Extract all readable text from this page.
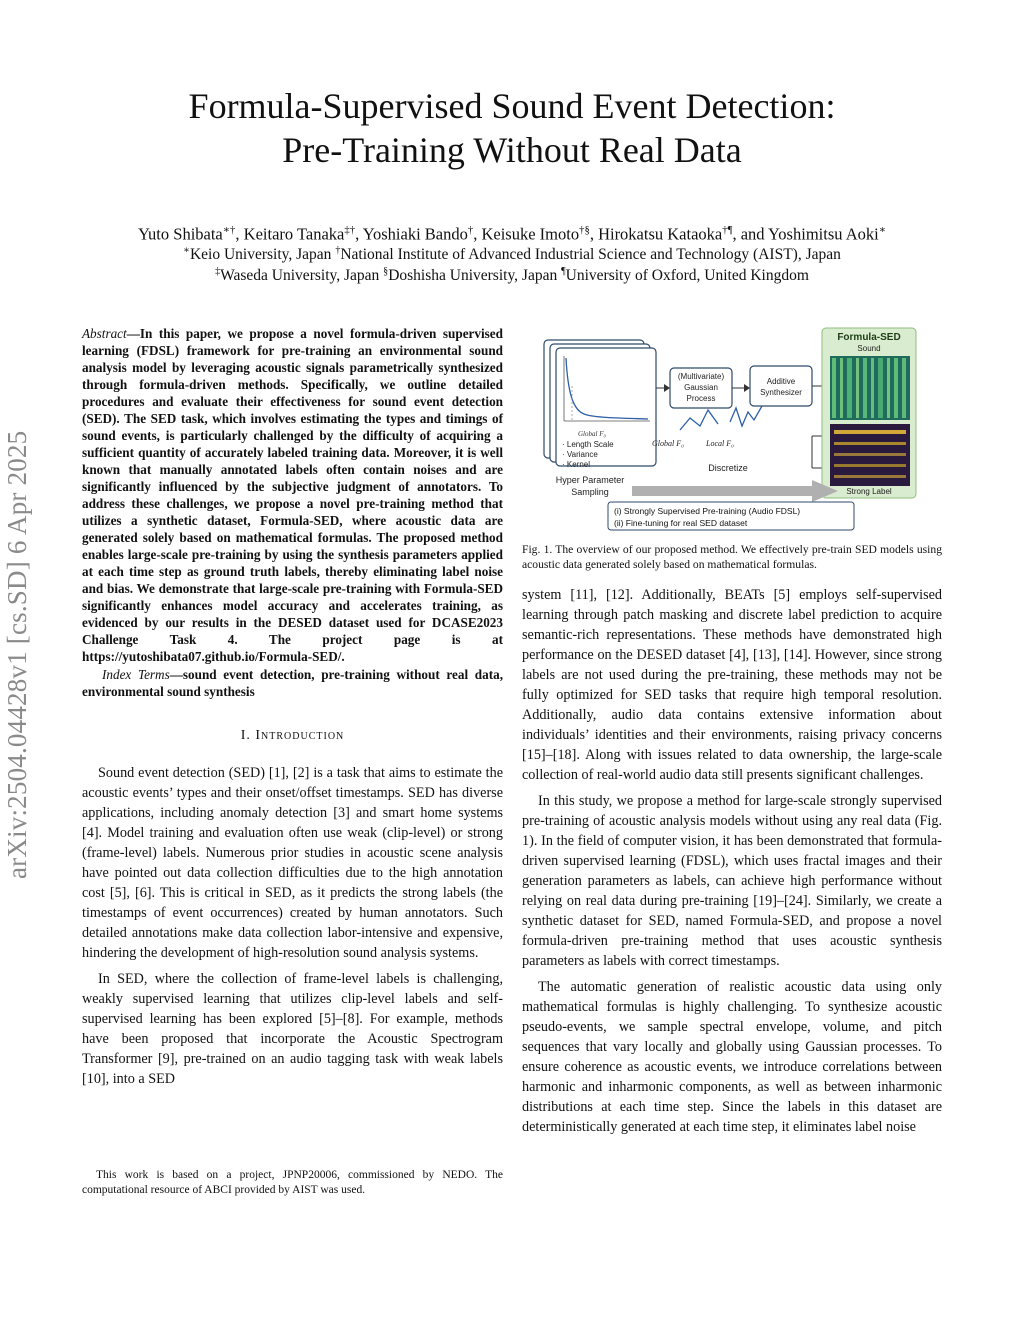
arXiv:2504.04428v1 [cs.SD] 6 Apr 2025
Formula-Supervised Sound Event Detection:
Pre-Training Without Real Data
Yuto Shibata∗†, Keitaro Tanaka‡†, Yoshiaki Bando†, Keisuke Imoto†§, Hirokatsu Kataoka†¶, and Yoshimitsu Aoki∗
∗Keio University, Japan †National Institute of Advanced Industrial Science and Technology (AIST), Japan
‡Waseda University, Japan §Doshisha University, Japan ¶University of Oxford, United Kingdom
Abstract—In this paper, we propose a novel formula-driven supervised learning (FDSL) framework for pre-training an environmental sound analysis model by leveraging acoustic signals parametrically synthesized through formula-driven methods. Specifically, we outline detailed procedures and evaluate their effectiveness for sound event detection (SED). The SED task, which involves estimating the types and timings of sound events, is particularly challenged by the difficulty of acquiring a sufficient quantity of accurately labeled training data. Moreover, it is well known that manually annotated labels often contain noises and are significantly influenced by the subjective judgment of annotators. To address these challenges, we propose a novel pre-training method that utilizes a synthetic dataset, Formula-SED, where acoustic data are generated solely based on mathematical formulas. The proposed method enables large-scale pre-training by using the synthesis parameters applied at each time step as ground truth labels, thereby eliminating label noise and bias. We demonstrate that large-scale pre-training with Formula-SED significantly enhances model accuracy and accelerates training, as evidenced by our results in the DESED dataset used for DCASE2023 Challenge Task 4. The project page is at https://yutoshibata07.github.io/Formula-SED/.
Index Terms—sound event detection, pre-training without real data, environmental sound synthesis
I. Introduction

Sound event detection (SED) [1], [2] is a task that aims to estimate the acoustic events’ types and their onset/offset timestamps. SED has diverse applications, including anomaly detection [3] and smart home systems [4]. Model training and evaluation often use weak (clip-level) or strong (frame-level) labels. Numerous prior studies in acoustic scene analysis have pointed out data collection difficulties due to the high annotation cost [5], [6]. This is critical in SED, as it predicts the strong labels (the timestamps of event occurrences) created by human annotators. Such detailed annotations make data collection labor-intensive and expensive, hindering the development of high-resolution sound analysis systems.

In SED, where the collection of frame-level labels is challenging, weakly supervised learning that utilizes clip-level labels and self-supervised learning has been explored [5]–[8]. For example, methods have been proposed that incorporate the Acoustic Spectrogram Transformer [9], pre-trained on an audio tagging task with weak labels [10], into a SED

This work is based on a project, JPNP20006, commissioned by NEDO. The computational resource of ABCI provided by AIST was used.
Global F₀
· Length Scale
· Variance
· Kernel
Hyper Parameter
Sampling
(Multivariate)
Gaussian
Process
Additive
Synthesizer
Global F₀	Local F₀
Discretize
Formula-SED
Sound
Strong Label
(i) Strongly Supervised Pre-training (Audio FDSL)
(ii) Fine-tuning for real SED dataset
Fig. 1. The overview of our proposed method. We effectively pre-train SED models using acoustic data generated solely based on mathematical formulas.

system [11], [12]. Additionally, BEATs [5] employs self-supervised learning through patch masking and discrete label prediction to acquire semantic-rich representations. These methods have demonstrated high performance on the DESED dataset [4], [13], [14]. However, since strong labels are not used during the pre-training, these methods may not be fully optimized for SED tasks that require high temporal resolution. Additionally, audio data contains extensive information about individuals’ identities and their environments, raising privacy concerns [15]–[18]. Along with issues related to data ownership, the large-scale collection of real-world audio data still presents significant challenges.

In this study, we propose a method for large-scale strongly supervised pre-training of acoustic analysis models without using any real data (Fig. 1). In the field of computer vision, it has been demonstrated that formula-driven supervised learning (FDSL), which uses fractal images and their generation parameters as labels, can achieve high performance without relying on real data during pre-training [19]–[24]. Similarly, we create a synthetic dataset for SED, named Formula-SED, and propose a novel formula-driven pre-training method that uses acoustic synthesis parameters as labels with correct timestamps.

The automatic generation of realistic acoustic data using only mathematical formulas is highly challenging. To synthesize acoustic pseudo-events, we sample spectral envelope, volume, and pitch sequences that vary locally and globally using Gaussian processes. To ensure coherence as acoustic events, we introduce correlations between harmonic and inharmonic components, as well as between inharmonic distributions at each time step. Since the labels in this dataset are deterministically generated at each time step, it eliminates label noise
